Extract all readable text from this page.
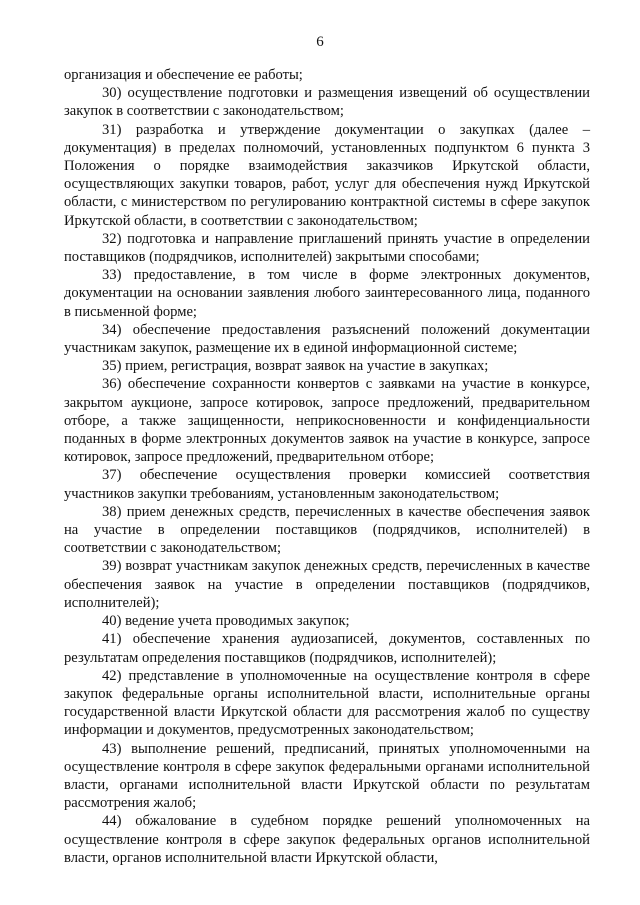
6

организация и обеспечение ее работы;

30) осуществление подготовки и размещения извещений об осуществлении закупок в соответствии с законодательством;

31) разработка и утверждение документации о закупках (далее – документация) в пределах полномочий, установленных подпунктом 6 пункта 3 Положения о порядке взаимодействия заказчиков Иркутской области, осуществляющих закупки товаров, работ, услуг для обеспечения нужд Иркутской области, с министерством по регулированию контрактной системы в сфере закупок Иркутской области, в соответствии с законодательством;

32) подготовка и направление приглашений принять участие в определении поставщиков (подрядчиков, исполнителей) закрытыми способами;

33) предоставление, в том числе в форме электронных документов, документации на основании заявления любого заинтересованного лица, поданного в письменной форме;

34) обеспечение предоставления разъяснений положений документации участникам закупок, размещение их в единой информационной системе;

35) прием, регистрация, возврат заявок на участие в закупках;

36) обеспечение сохранности конвертов с заявками на участие в конкурсе, закрытом аукционе, запросе котировок, запросе предложений, предварительном отборе, а также защищенности, неприкосновенности и конфиденциальности поданных в форме электронных документов заявок на участие в конкурсе, запросе котировок, запросе предложений, предварительном отборе;

37) обеспечение осуществления проверки комиссией соответствия участников закупки требованиям, установленным законодательством;

38) прием денежных средств, перечисленных в качестве обеспечения заявок на участие в определении поставщиков (подрядчиков, исполнителей) в соответствии с законодательством;

39) возврат участникам закупок денежных средств, перечисленных в качестве обеспечения заявок на участие в определении поставщиков (подрядчиков, исполнителей);

40) ведение учета проводимых закупок;

41) обеспечение хранения аудиозаписей, документов, составленных по результатам определения поставщиков (подрядчиков, исполнителей);

42) представление в уполномоченные на осуществление контроля в сфере закупок федеральные органы исполнительной власти, исполнительные органы государственной власти Иркутской области для рассмотрения жалоб по существу информации и документов, предусмотренных законодательством;

43) выполнение решений, предписаний, принятых уполномоченными на осуществление контроля в сфере закупок федеральными органами исполнительной власти, органами исполнительной власти Иркутской области по результатам рассмотрения жалоб;

44) обжалование в судебном порядке решений уполномоченных на осуществление контроля в сфере закупок федеральных органов исполнительной власти, органов исполнительной власти Иркутской области,
